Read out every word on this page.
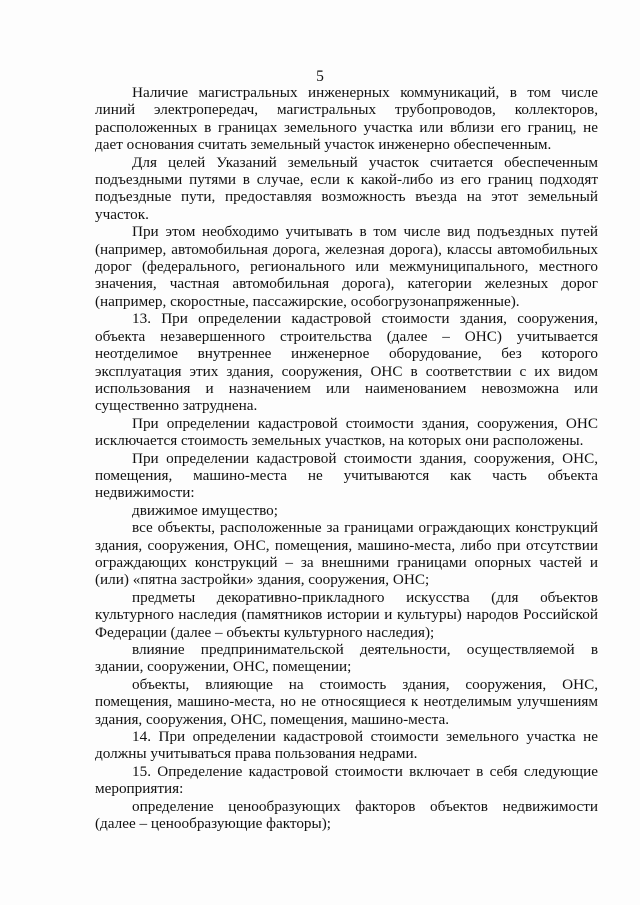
5

Наличие магистральных инженерных коммуникаций, в том числе линий электропередач, магистральных трубопроводов, коллекторов, расположенных в границах земельного участка или вблизи его границ, не дает основания считать земельный участок инженерно обеспеченным.

Для целей Указаний земельный участок считается обеспеченным подъездными путями в случае, если к какой-либо из его границ подходят подъездные пути, предоставляя возможность въезда на этот земельный участок.

При этом необходимо учитывать в том числе вид подъездных путей (например, автомобильная дорога, железная дорога), классы автомобильных дорог (федерального, регионального или межмуниципального, местного значения, частная автомобильная дорога), категории железных дорог (например, скоростные, пассажирские, особогрузонапряженные).

13. При определении кадастровой стоимости здания, сооружения, объекта незавершенного строительства (далее – ОНС) учитывается неотделимое внутреннее инженерное оборудование, без которого эксплуатация этих здания, сооружения, ОНС в соответствии с их видом использования и назначением или наименованием невозможна или существенно затруднена.

При определении кадастровой стоимости здания, сооружения, ОНС исключается стоимость земельных участков, на которых они расположены.

При определении кадастровой стоимости здания, сооружения, ОНС, помещения, машино-места не учитываются как часть объекта недвижимости:

движимое имущество;

все объекты, расположенные за границами ограждающих конструкций здания, сооружения, ОНС, помещения, машино-места, либо при отсутствии ограждающих конструкций – за внешними границами опорных частей и (или) «пятна застройки» здания, сооружения, ОНС;

предметы декоративно-прикладного искусства (для объектов культурного наследия (памятников истории и культуры) народов Российской Федерации (далее – объекты культурного наследия);

влияние предпринимательской деятельности, осуществляемой в здании, сооружении, ОНС, помещении;

объекты, влияющие на стоимость здания, сооружения, ОНС, помещения, машино-места, но не относящиеся к неотделимым улучшениям здания, сооружения, ОНС, помещения, машино-места.

14. При определении кадастровой стоимости земельного участка не должны учитываться права пользования недрами.

15. Определение кадастровой стоимости включает в себя следующие мероприятия:

определение ценообразующих факторов объектов недвижимости (далее – ценообразующие факторы);
